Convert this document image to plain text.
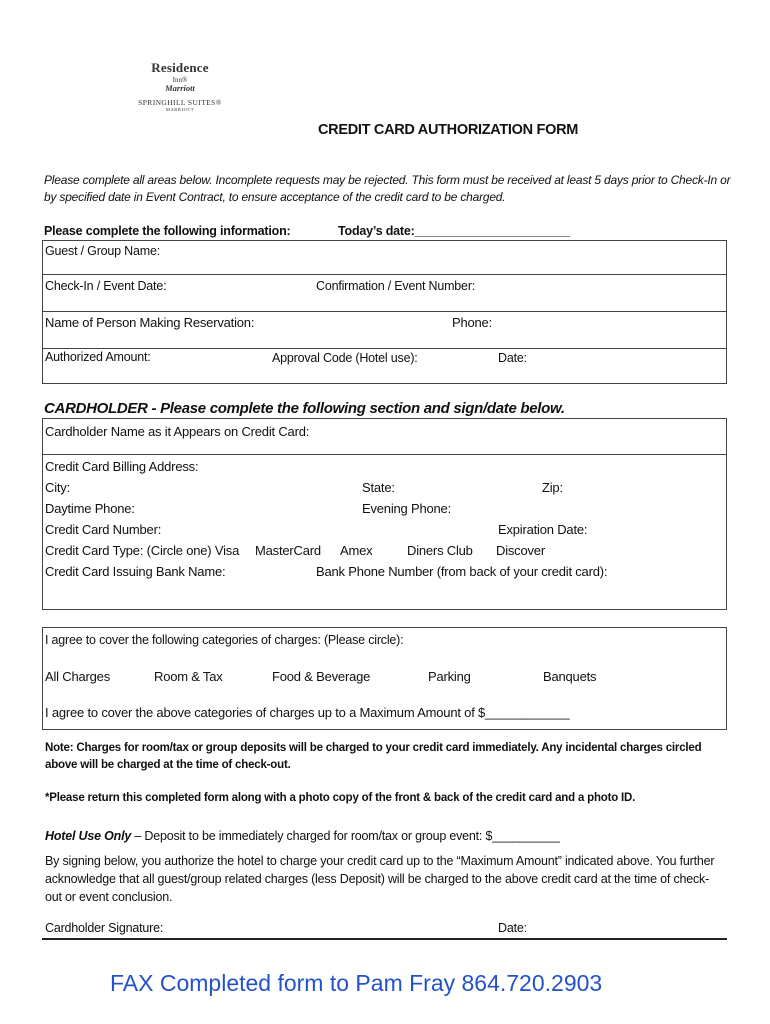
Residence
Inn®
Marriott
SPRINGHILL SUITES®
MARRIOTT
CREDIT CARD AUTHORIZATION FORM
Please complete all areas below. Incomplete requests may be rejected. This form must be received at least 5 days prior to Check-In or
by specified date in Event Contract, to ensure acceptance of the credit card to be charged.
Please complete the following information:	Today’s date:_______________________
Guest / Group Name:
Check-In / Event Date:	Confirmation / Event Number:
Name of Person Making Reservation:	Phone:
Authorized Amount:	Approval Code (Hotel use):	Date:
CARDHOLDER - Please complete the following section and sign/date below.
Cardholder Name as it Appears on Credit Card:
Credit Card Billing Address:
City:	State:	Zip:
Daytime Phone:	Evening Phone:
Credit Card Number:	Expiration Date:
Credit Card Type: (Circle one) Visa MasterCard Amex	Diners Club Discover
Credit Card Issuing Bank Name:	Bank Phone Number (from back of your credit card):
I agree to cover the following categories of charges: (Please circle):
All Charges	Room & Tax	Food & Beverage	Parking	Banquets
I agree to cover the above categories of charges up to a Maximum Amount of $____________
Note: Charges for room/tax or group deposits will be charged to your credit card immediately. Any incidental charges circled
above will be charged at the time of check-out.
*Please return this completed form along with a photo copy of the front & back of the credit card and a photo ID.
Hotel Use Only – Deposit to be immediately charged for room/tax or group event: $__________
By signing below, you authorize the hotel to charge your credit card up to the “Maximum Amount” indicated above. You further
acknowledge that all guest/group related charges (less Deposit) will be charged to the above credit card at the time of check-
out or event conclusion.
Cardholder Signature:	Date:
FAX Completed form to Pam Fray 864.720.2903
